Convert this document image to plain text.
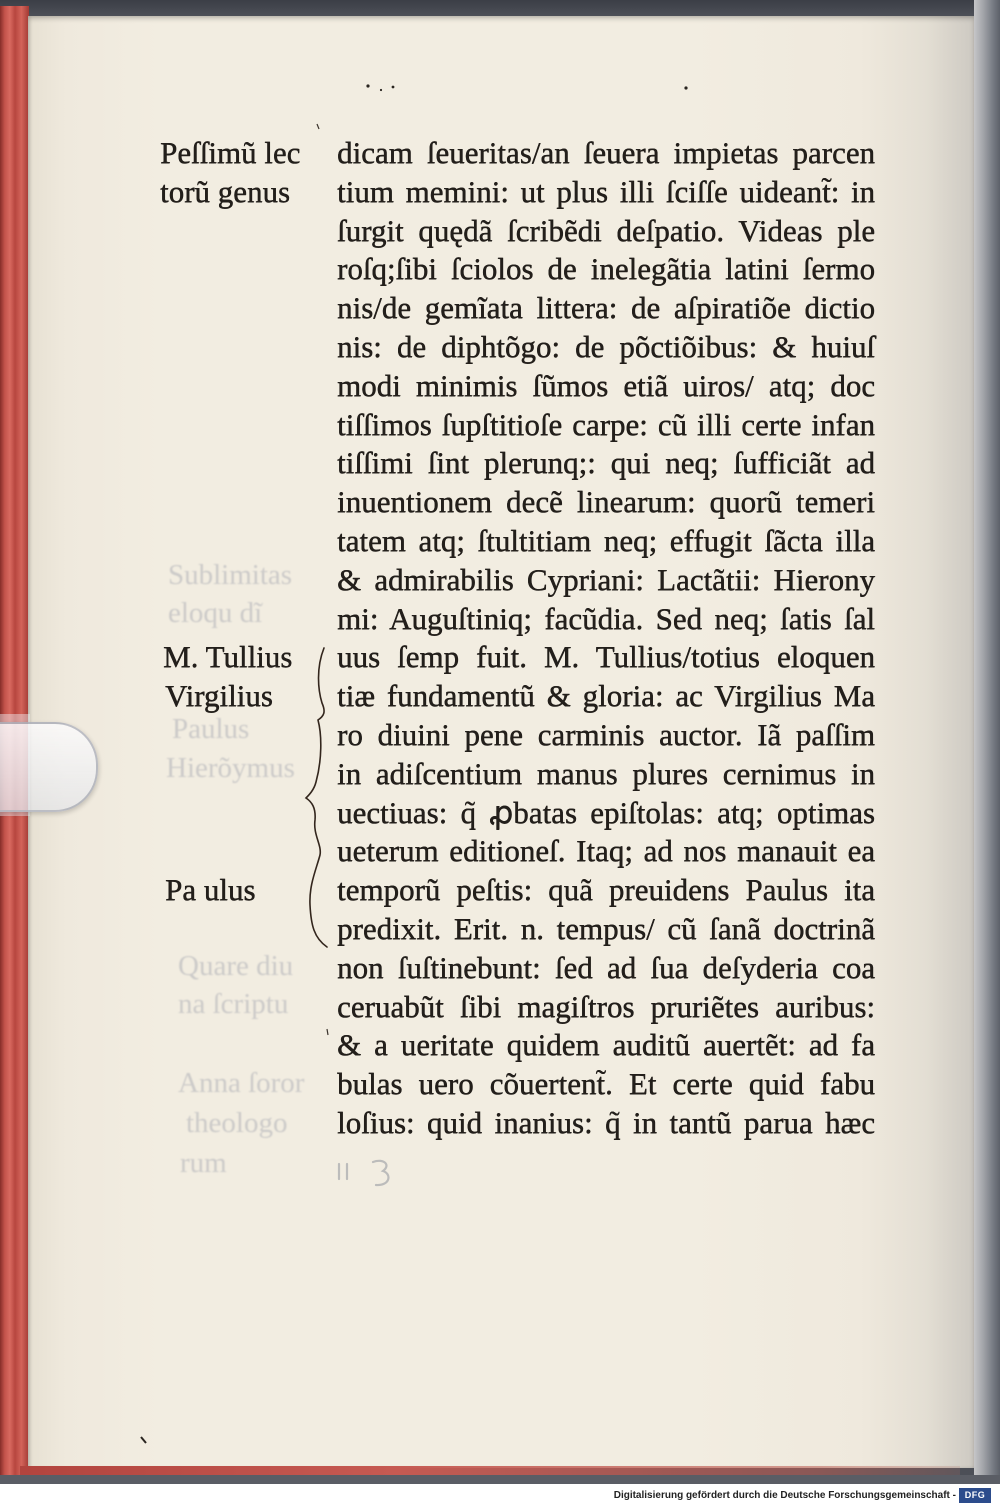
Sublimitas
eloqu dĩ
Paulus
Hierõymus
Quare diu
na ſcriptu
Anna ſoror
theologo
rum
Peſſimũ lec
torũ genus
M. Tullius
Virgilius
Pa ulus
dicam ſeueritas/an ſeuera impietas parcen
tium memini: ut plus illi ſciſſe uideant̃: in
ſurgit quędã ſcribẽdi deſpatio. Videas ple
roſq;ſibi ſciolos de inelegãtia latini ſermo
nis/de gemĩata littera: de aſpiratiõe dictio
nis: de diphtõgo: de põctiõibus: & huiuſ
modi minimis ſũmos etiã uiros/ atq; doc
tiſſimos ſupſtitioſe carpe: cũ illi certe infan
tiſſimi ſint plerunq;: qui neq; ſufficiãt ad
inuentionem decẽ linearum: quorũ temeri
tatem atq; ſtultitiam neq; effugit ſãcta illa
& admirabilis Cypriani: Lactãtii: Hierony
mi: Auguſtiniq; facũdia. Sed neq; ſatis ſal
uus ſemp fuit. M. Tullius/totius eloquen
tiæ fundamentũ & gloria: ac Virgilius Ma
ro diuini pene carminis auctor. Iã paſſim
in adiſcentium manus plures cernimus in
uectiuas: q̃ ꝓbatas epiſtolas: atq; optimas
ueterum editioneſ. Itaq; ad nos manauit ea
temporũ peſtis: quã preuidens Paulus ita
predixit. Erit. n. tempus/ cũ ſanã doctrinã
non ſuſtinebunt: ſed ad ſua deſyderia coa
ceruabũt ſibi magiſtros pruriẽtes auribus:
& a ueritate quidem auditũ auertẽt: ad fa
bulas uero cõuertent̃. Et certe quid fabu
loſius: quid inanius: q̃ in tantũ parua hæc
Digitalisierung gefördert durch die Deutsche Forschungsgemeinschaft - DFG
